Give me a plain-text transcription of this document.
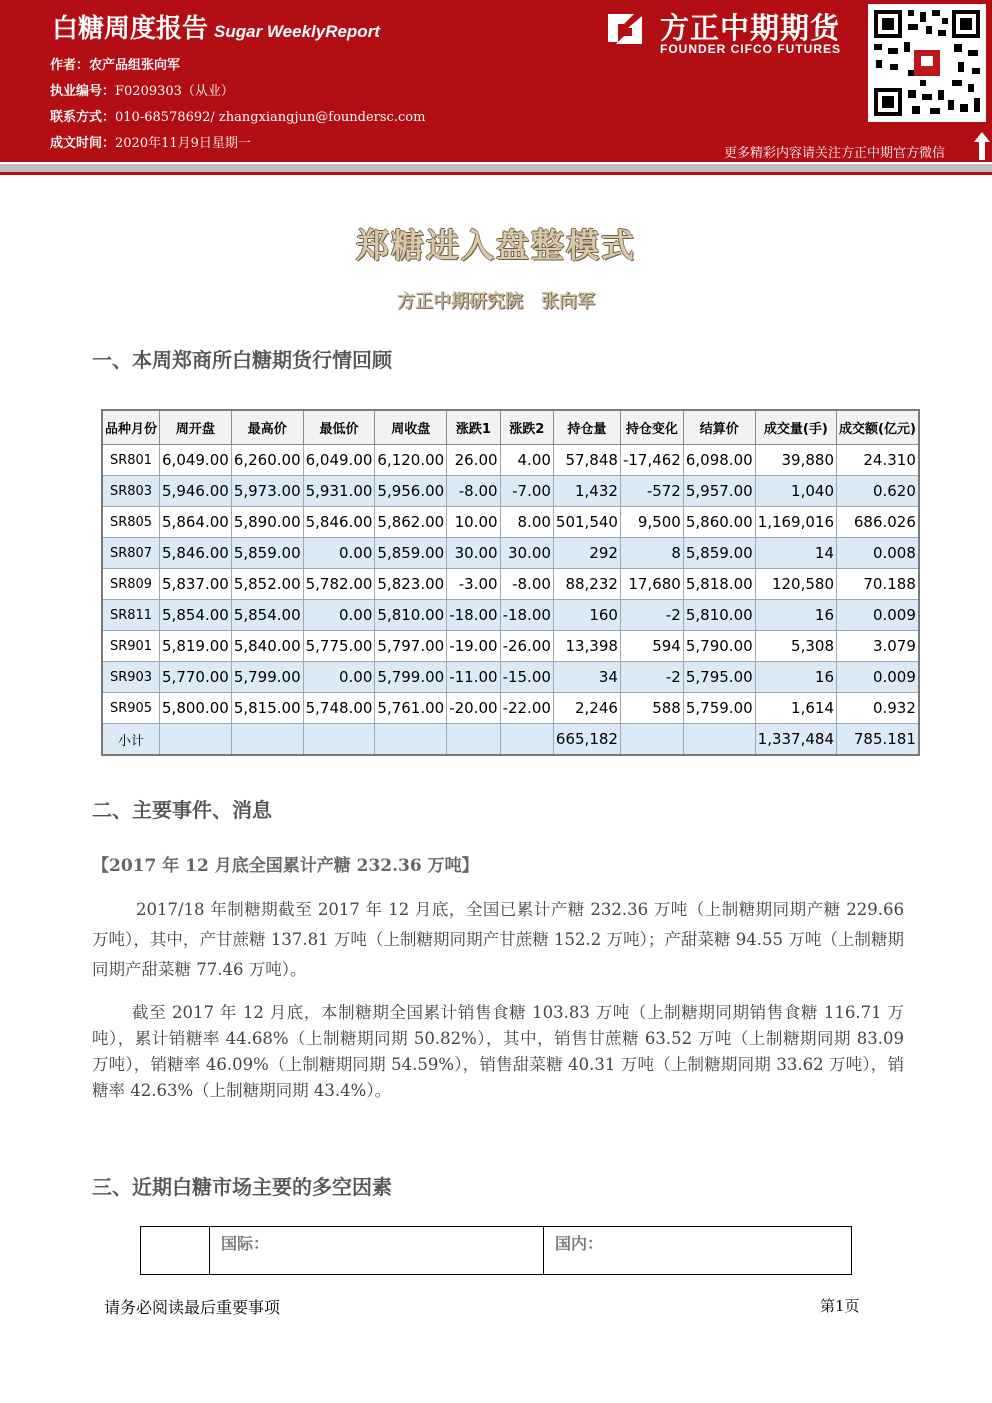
白糖周度报告 Sugar WeeklyReport
作者：农产品组张向军
执业编号：F0209303（从业）
联系方式：010-68578692/ zhangxiangjun@foundersc.com
成文时间：2020年11月9日星期一
方正中期期货
FOUNDER CIFCO FUTURES
更多精彩内容请关注方正中期官方微信
郑糖进入盘整模式
方正中期研究院　张向军
一、本周郑商所白糖期货行情回顾
品种月份	周开盘	最高价	最低价	周收盘	涨跌1	涨跌2	持仓量	持仓变化	结算价	成交量(手)	成交额(亿元)
SR801	6,049.00	6,260.00	6,049.00	6,120.00	26.00	4.00	57,848	-17,462	6,098.00	39,880	24.310
SR803	5,946.00	5,973.00	5,931.00	5,956.00	-8.00	-7.00	1,432	-572	5,957.00	1,040	0.620
SR805	5,864.00	5,890.00	5,846.00	5,862.00	10.00	8.00	501,540	9,500	5,860.00	1,169,016	686.026
SR807	5,846.00	5,859.00	0.00	5,859.00	30.00	30.00	292	8	5,859.00	14	0.008
SR809	5,837.00	5,852.00	5,782.00	5,823.00	-3.00	-8.00	88,232	17,680	5,818.00	120,580	70.188
SR811	5,854.00	5,854.00	0.00	5,810.00	-18.00	-18.00	160	-2	5,810.00	16	0.009
SR901	5,819.00	5,840.00	5,775.00	5,797.00	-19.00	-26.00	13,398	594	5,790.00	5,308	3.079
SR903	5,770.00	5,799.00	0.00	5,799.00	-11.00	-15.00	34	-2	5,795.00	16	0.009
SR905	5,800.00	5,815.00	5,748.00	5,761.00	-20.00	-22.00	2,246	588	5,759.00	1,614	0.932
小计							665,182			1,337,484	785.181
二、主要事件、消息
【2017 年 12 月底全国累计产糖 232.36 万吨】
2017/18 年制糖期截至 2017 年 12 月底，全国已累计产糖 232.36 万吨（上制糖期同期产糖 229.66 万吨），其中，产甘蔗糖 137.81 万吨（上制糖期同期产甘蔗糖 152.2 万吨）；产甜菜糖 94.55 万吨（上制糖期同期产甜菜糖 77.46 万吨）。
截至 2017 年 12 月底，本制糖期全国累计销售食糖 103.83 万吨（上制糖期同期销售食糖 116.71 万吨），累计销糖率 44.68%（上制糖期同期 50.82%），其中，销售甘蔗糖 63.52 万吨（上制糖期同期 83.09 万吨），销糖率 46.09%（上制糖期同期 54.59%），销售甜菜糖 40.31 万吨（上制糖期同期 33.62 万吨），销糖率 42.63%（上制糖期同期 43.4%）。
三、近期白糖市场主要的多空因素
国际：	国内：
请务必阅读最后重要事项	第1页
